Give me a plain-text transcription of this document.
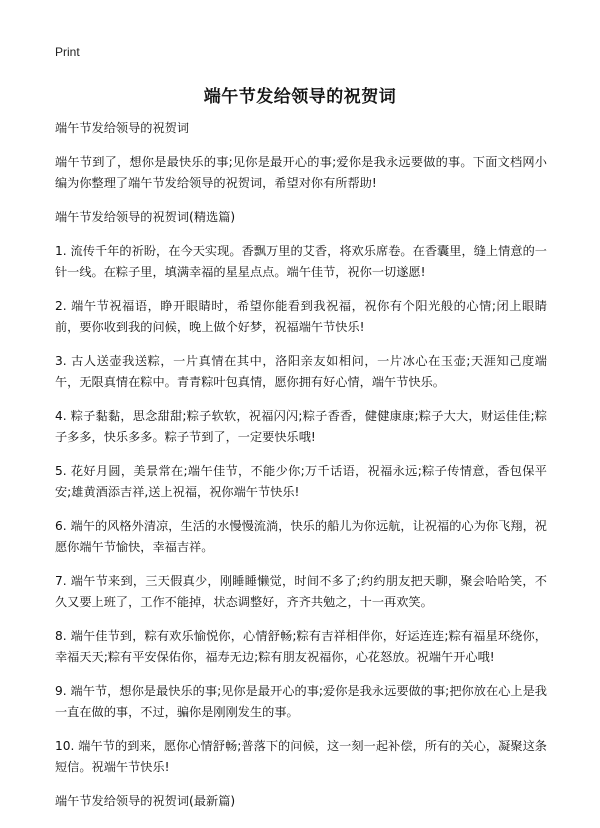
Print
端午节发给领导的祝贺词

端午节发给领导的祝贺词

端午节到了，想你是最快乐的事;见你是最开心的事;爱你是我永远要做的事。下面文档网小编为你整理了端午节发给领导的祝贺词，希望对你有所帮助!

端午节发给领导的祝贺词(精选篇)

1. 流传千年的祈盼，在今天实现。香飘万里的艾香，将欢乐席卷。在香囊里，缝上情意的一针一线。在粽子里，填满幸福的星星点点。端午佳节，祝你一切遂愿!

2. 端午节祝福语，睁开眼睛时，希望你能看到我祝福，祝你有个阳光般的心情;闭上眼睛前，要你收到我的问候，晚上做个好梦，祝福端午节快乐!

3. 古人送壶我送粽，一片真情在其中，洛阳亲友如相问，一片冰心在玉壶;天涯知己度端午，无限真情在粽中。青青粽叶包真情，愿你拥有好心情，端午节快乐。

4. 粽子黏黏，思念甜甜;粽子软软，祝福闪闪;粽子香香，健健康康;粽子大大，财运佳佳;粽子多多，快乐多多。粽子节到了，一定要快乐哦!

5. 花好月圆，美景常在;端午佳节，不能少你;万千话语，祝福永远;粽子传情意，香包保平安;雄黄酒添吉祥,送上祝福，祝你端午节快乐!

6. 端午的风格外清凉，生活的水慢慢流淌，快乐的船儿为你远航，让祝福的心为你飞翔，祝愿你端午节愉快，幸福吉祥。

7. 端午节来到，三天假真少，刚睡睡懒觉，时间不多了;约约朋友把天聊，聚会哈哈笑，不久又要上班了，工作不能掉，状态调整好，齐齐共勉之，十一再欢笑。

8. 端午佳节到，粽有欢乐愉悦你，心情舒畅;粽有吉祥相伴你，好运连连;粽有福星环绕你，幸福天天;粽有平安保佑你，福寿无边;粽有朋友祝福你，心花怒放。祝端午开心哦!

9. 端午节，想你是最快乐的事;见你是最开心的事;爱你是我永远要做的事;把你放在心上是我一直在做的事，不过，骗你是刚刚发生的事。

10. 端午节的到来，愿你心情舒畅;普落下的问候，这一刻一起补偿，所有的关心，凝聚这条短信。祝端午节快乐!

端午节发给领导的祝贺词(最新篇)
